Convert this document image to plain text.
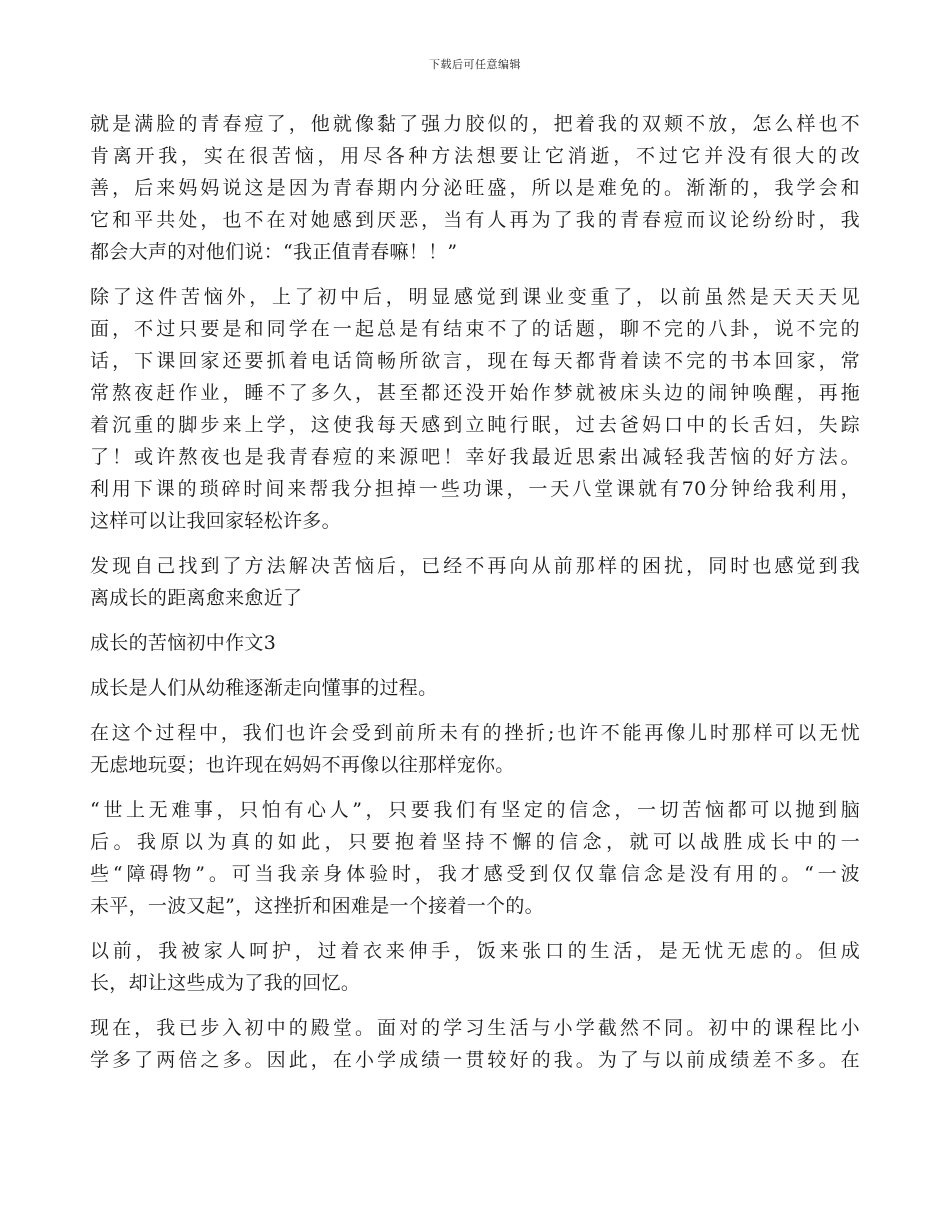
下载后可任意编辑
就是满脸的青春痘了，他就像黏了强力胶似的，把着我的双颊不放，怎么样也不
肯离开我，实在很苦恼，用尽各种方法想要让它消逝，不过它并没有很大的改
善，后来妈妈说这是因为青春期内分泌旺盛，所以是难免的。渐渐的，我学会和
它和平共处，也不在对她感到厌恶，当有人再为了我的青春痘而议论纷纷时，我
都会大声的对他们说：“我正值青春嘛！！”
除了这件苦恼外，上了初中后，明显感觉到课业变重了，以前虽然是天天天见
面，不过只要是和同学在一起总是有结束不了的话题，聊不完的八卦，说不完的
话，下课回家还要抓着电话筒畅所欲言，现在每天都背着读不完的书本回家，常
常熬夜赶作业，睡不了多久，甚至都还没开始作梦就被床头边的闹钟唤醒，再拖
着沉重的脚步来上学，这使我每天感到立盹行眠，过去爸妈口中的长舌妇，失踪
了！或许熬夜也是我青春痘的来源吧！幸好我最近思索出减轻我苦恼的好方法。
利用下课的琐碎时间来帮我分担掉一些功课，一天八堂课就有70分钟给我利用，
这样可以让我回家轻松许多。
发现自己找到了方法解决苦恼后，已经不再向从前那样的困扰，同时也感觉到我
离成长的距离愈来愈近了
成长的苦恼初中作文3
成长是人们从幼稚逐渐走向懂事的过程。
在这个过程中，我们也许会受到前所未有的挫折;也许不能再像儿时那样可以无忧
无虑地玩耍；也许现在妈妈不再像以往那样宠你。
“世上无难事，只怕有心人”，只要我们有坚定的信念，一切苦恼都可以抛到脑
后。我原以为真的如此，只要抱着坚持不懈的信念，就可以战胜成长中的一
些“障碍物”。可当我亲身体验时，我才感受到仅仅靠信念是没有用的。“一波
未平，一波又起”，这挫折和困难是一个接着一个的。
以前，我被家人呵护，过着衣来伸手，饭来张口的生活，是无忧无虑的。但成
长，却让这些成为了我的回忆。
现在，我已步入初中的殿堂。面对的学习生活与小学截然不同。初中的课程比小
学多了两倍之多。因此，在小学成绩一贯较好的我。为了与以前成绩差不多。在
